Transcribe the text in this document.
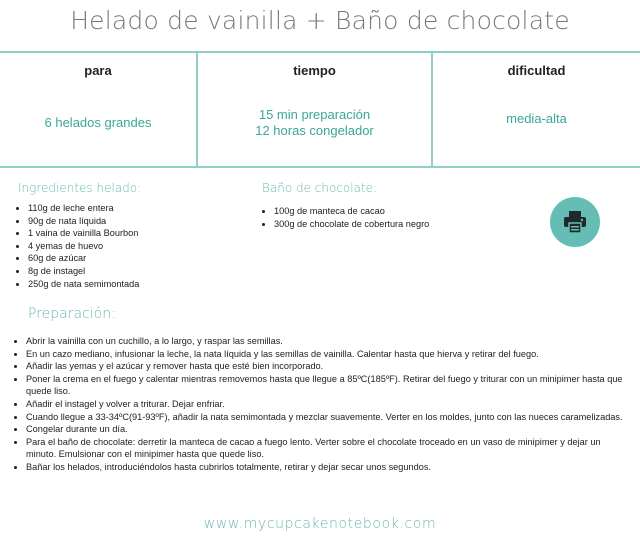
Helado de vainilla + Baño de chocolate
para
6 helados grandes
tiempo
15 min preparación
12 horas congelador
dificultad
media-alta
Ingredientes helado:
• 110g de leche entera
• 90g de nata líquida
• 1 vaina de vainilla Bourbon
• 4 yemas de huevo
• 60g de azúcar
• 8g de instagel
• 250g de nata semimontada
Baño de chocolate:
• 100g de manteca de cacao
• 300g de chocolate de cobertura negro
Preparación:
• Abrir la vainilla con un cuchillo, a lo largo, y raspar las semillas.
• En un cazo mediano, infusionar la leche, la nata líquida y las semillas de vainilla. Calentar hasta que hierva y retirar del fuego.
• Añadir las yemas y el azúcar y remover hasta que esté bien incorporado.
• Poner la crema en el fuego y calentar mientras removemos hasta que llegue a 85ºC(185ºF). Retirar del fuego y triturar con un minipimer hasta que quede liso.
• Añadir el instagel y volver a triturar. Dejar enfriar.
• Cuando llegue a 33-34ºC(91-93ºF), añadir la nata semimontada y mezclar suavemente. Verter en los moldes, junto con las nueces caramelizadas.
• Congelar durante un día.
• Para el baño de chocolate: derretir la manteca de cacao a fuego lento. Verter sobre el chocolate troceado en un vaso de minipimer y dejar un minuto. Emulsionar con el minipimer hasta que quede liso.
• Bañar los helados, introduciéndolos hasta cubrirlos totalmente, retirar y dejar secar unos segundos.
www.mycupcakenotebook.com
